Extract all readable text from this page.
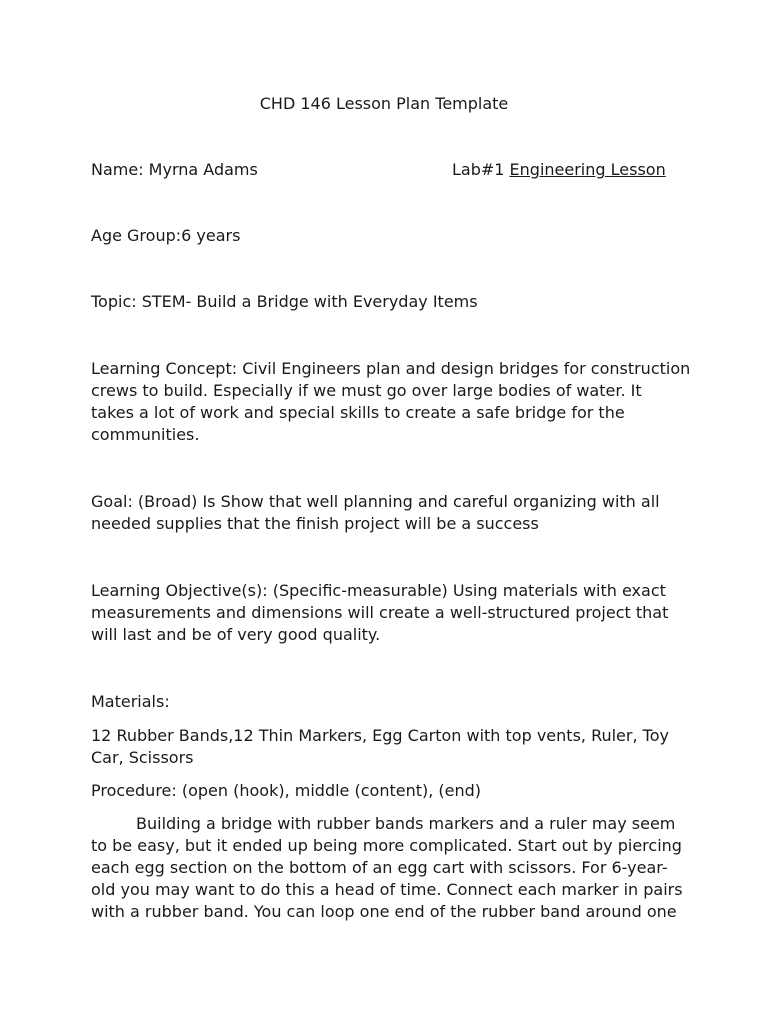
CHD 146 Lesson Plan Template
Name: Myrna Adams	Lab#1 Engineering Lesson
Age Group:6 years
Topic: STEM- Build a Bridge with Everyday Items
Learning Concept: Civil Engineers plan and design bridges for construction
crews to build. Especially if we must go over large bodies of water. It
takes a lot of work and special skills to create a safe bridge for the
communities.
Goal: (Broad) Is Show that well planning and careful organizing with all
needed supplies that the finish project will be a success
Learning Objective(s): (Specific-measurable) Using materials with exact
measurements and dimensions will create a well-structured project that
will last and be of very good quality.
Materials:
12 Rubber Bands,12 Thin Markers, Egg Carton with top vents, Ruler, Toy
Car, Scissors
Procedure: (open (hook), middle (content), (end)
Building a bridge with rubber bands markers and a ruler may seem
to be easy, but it ended up being more complicated. Start out by piercing
each egg section on the bottom of an egg cart with scissors. For 6-year-
old you may want to do this a head of time. Connect each marker in pairs
with a rubber band. You can loop one end of the rubber band around one
